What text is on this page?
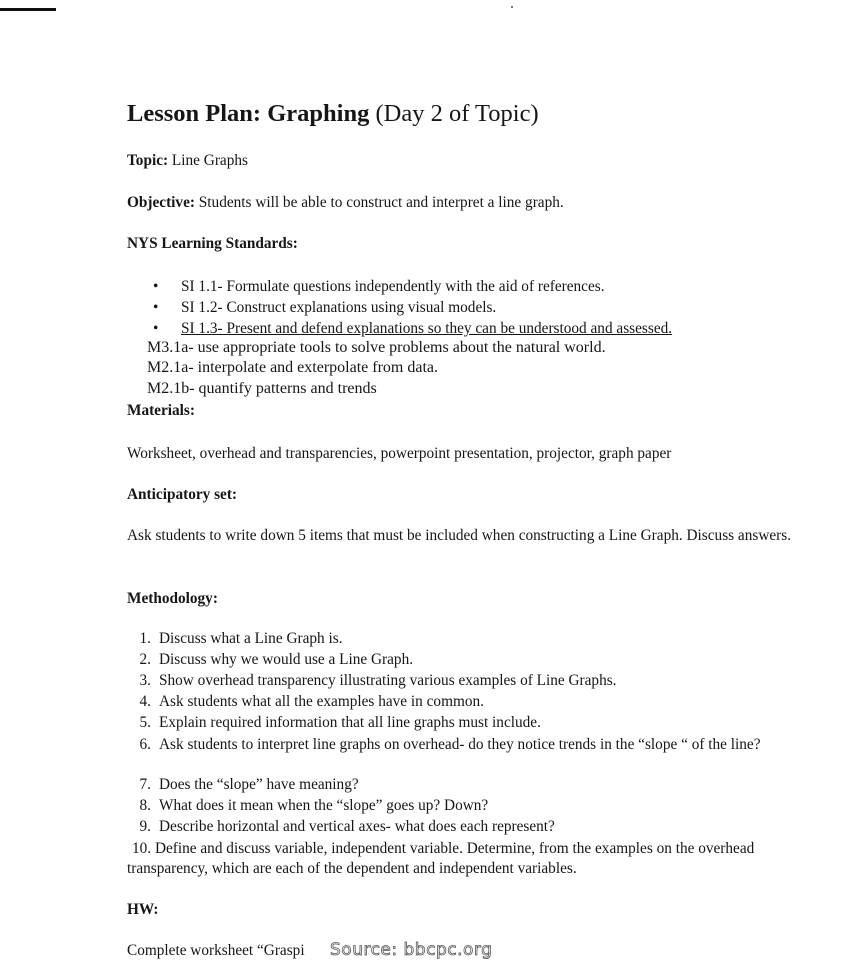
Lesson Plan: Graphing (Day 2 of Topic)
Topic: Line Graphs
Objective: Students will be able to construct and interpret a line graph.
NYS Learning Standards:
• SI 1.1- Formulate questions independently with the aid of references.
• SI 1.2- Construct explanations using visual models.
• SI 1.3- Present and defend explanations so they can be understood and assessed.
M3.1a- use appropriate tools to solve problems about the natural world.
M2.1a- interpolate and exterpolate from data.
M2.1b- quantify patterns and trends
Materials:
Worksheet, overhead and transparencies, powerpoint presentation, projector, graph paper
Anticipatory set:
Ask students to write down 5 items that must be included when constructing a Line Graph. Discuss answers.
Methodology:
1. Discuss what a Line Graph is.
2. Discuss why we would use a Line Graph.
3. Show overhead transparency illustrating various examples of Line Graphs.
4. Ask students what all the examples have in common.
5. Explain required information that all line graphs must include.
6. Ask students to interpret line graphs on overhead- do they notice trends in the “slope “ of the line?
7. Does the “slope” have meaning?
8. What does it mean when the “slope” goes up? Down?
9. Describe horizontal and vertical axes- what does each represent?
10. Define and discuss variable, independent variable. Determine, from the examples on the overhead transparency, which are each of the dependent and independent variables.
HW:
Complete worksheet “Graspi Source: bbcpc.org
